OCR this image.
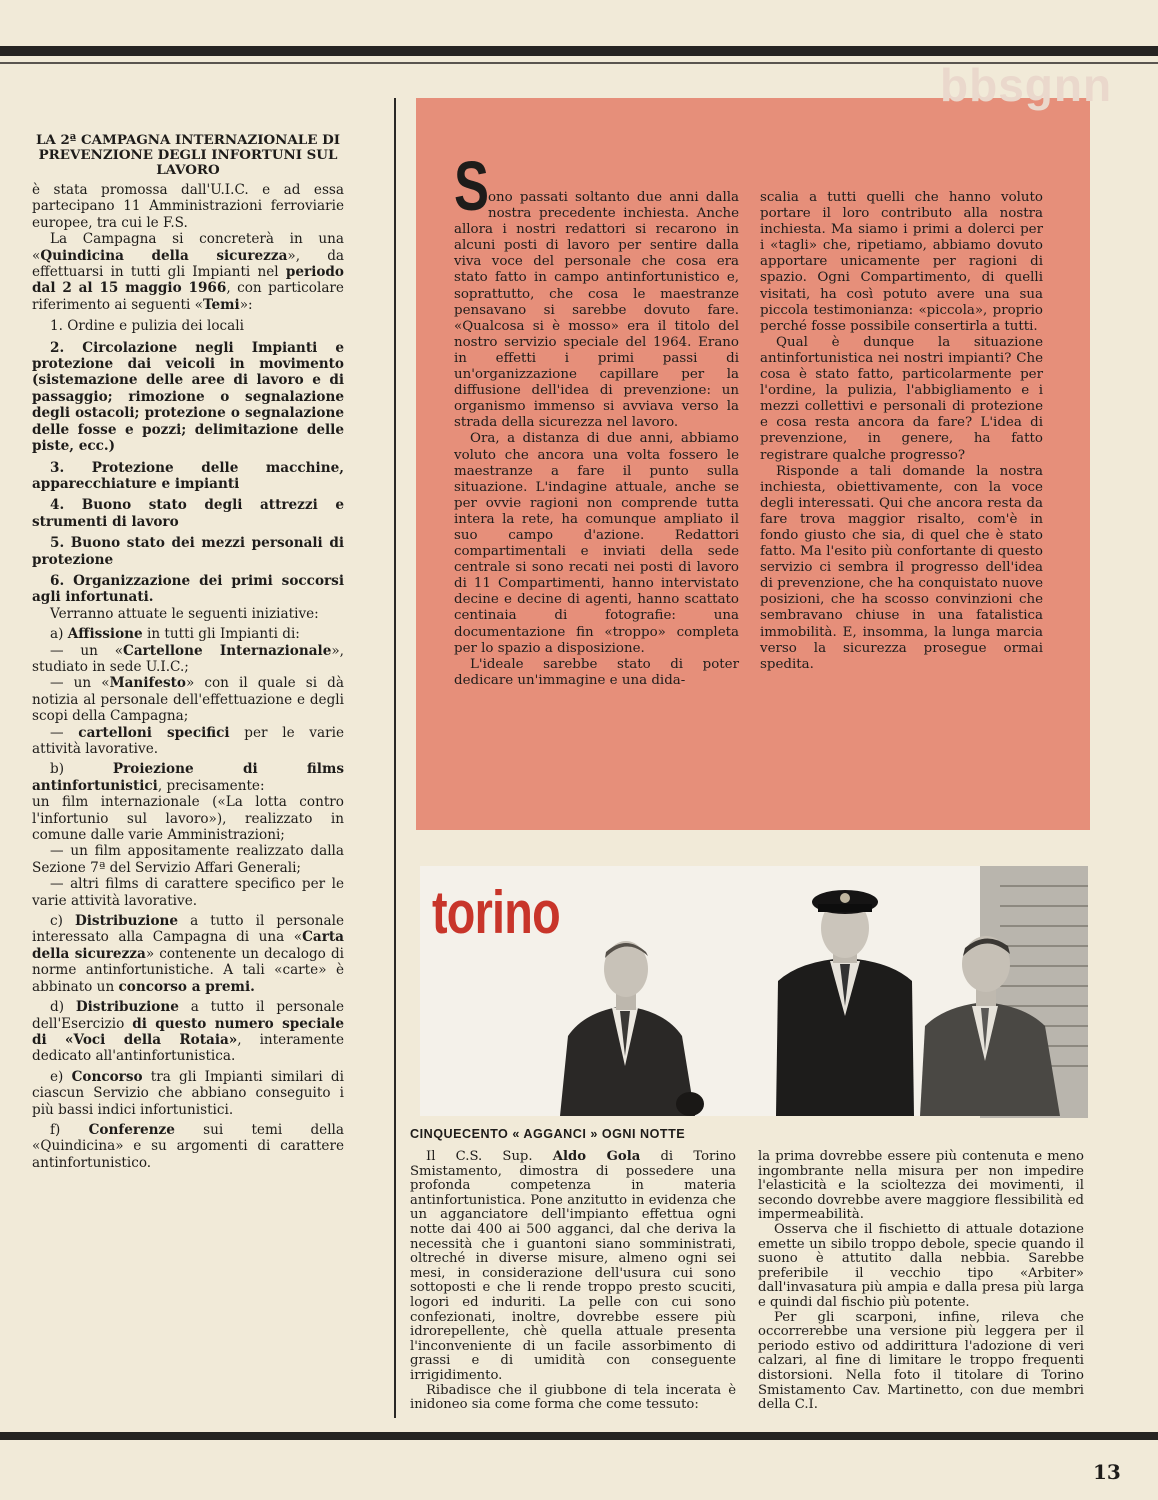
LA 2ª CAMPAGNA INTERNAZIONALE DI PREVENZIONE DEGLI INFORTUNI SUL LAVORO

è stata promossa dall'U.I.C. e ad essa partecipano 11 Amministrazioni ferroviarie europee, tra cui le F.S.

La Campagna si concreterà in una «Quindicina della sicurezza», da effettuarsi in tutti gli Impianti nel periodo dal 2 al 15 maggio 1966, con particolare riferimento ai seguenti «Temi»:

1. Ordine e pulizia dei locali

2. Circolazione negli Impianti e protezione dai veicoli in movimento (sistemazione delle aree di lavoro e di passaggio; rimozione o segnalazione degli ostacoli; protezione o segnalazione delle fosse e pozzi; delimitazione delle piste, ecc.)

3. Protezione delle macchine, apparecchiature e impianti

4. Buono stato degli attrezzi e strumenti di lavoro

5. Buono stato dei mezzi personali di protezione

6. Organizzazione dei primi soccorsi agli infortunati.

Verranno attuate le seguenti iniziative:

a) Affissione in tutti gli Impianti di:

— un «Cartellone Internazionale», studiato in sede U.I.C.;

— un «Manifesto» con il quale si dà notizia al personale dell'effettuazione e degli scopi della Campagna;

— cartelloni specifici per le varie attività lavorative.

b) Proiezione di films antinfortunistici, precisamente:

un film internazionale («La lotta contro l'infortunio sul lavoro»), realizzato in comune dalle varie Amministrazioni;

— un film appositamente realizzato dalla Sezione 7ª del Servizio Affari Generali;

— altri films di carattere specifico per le varie attività lavorative.

c) Distribuzione a tutto il personale interessato alla Campagna di una «Carta della sicurezza» contenente un decalogo di norme antinfortunistiche. A tali «carte» è abbinato un concorso a premi.

d) Distribuzione a tutto il personale dell'Esercizio di questo numero speciale di «Voci della Rotaia», interamente dedicato all'antinfortunistica.

e) Concorso tra gli Impianti similari di ciascun Servizio che abbiano conseguito i più bassi indici infortunistici.

f) Conferenze sui temi della «Quindicina» e su argomenti di carattere antinfortunistico.

bbsgnn

S
ono passati soltanto due anni dalla nostra precedente inchiesta. Anche allora i nostri redattori si recarono in alcuni posti di lavoro per sentire dalla viva voce del personale che cosa era stato fatto in campo antinfortunistico e, soprattutto, che cosa le maestranze pensavano si sarebbe dovuto fare. «Qualcosa si è mosso» era il titolo del nostro servizio speciale del 1964. Erano in effetti i primi passi di un'organizzazione capillare per la diffusione dell'idea di prevenzione: un organismo immenso si avviava verso la strada della sicurezza nel lavoro.

Ora, a distanza di due anni, abbiamo voluto che ancora una volta fossero le maestranze a fare il punto sulla situazione. L'indagine attuale, anche se per ovvie ragioni non comprende tutta intera la rete, ha comunque ampliato il suo campo d'azione. Redattori compartimentali e inviati della sede centrale si sono recati nei posti di lavoro di 11 Compartimenti, hanno intervistato decine e decine di agenti, hanno scattato centinaia di fotografie: una documentazione fin «troppo» completa per lo spazio a disposizione.

L'ideale sarebbe stato di poter dedicare un'immagine e una dida-

scalia a tutti quelli che hanno voluto portare il loro contributo alla nostra inchiesta. Ma siamo i primi a dolerci per i «tagli» che, ripetiamo, abbiamo dovuto apportare unicamente per ragioni di spazio. Ogni Compartimento, di quelli visitati, ha così potuto avere una sua piccola testimonianza: «piccola», proprio perché fosse possibile consertirla a tutti.

Qual è dunque la situazione antinfortunistica nei nostri impianti? Che cosa è stato fatto, particolarmente per l'ordine, la pulizia, l'abbigliamento e i mezzi collettivi e personali di protezione e cosa resta ancora da fare? L'idea di prevenzione, in genere, ha fatto registrare qualche progresso?

Risponde a tali domande la nostra inchiesta, obiettivamente, con la voce degli interessati. Qui che ancora resta da fare trova maggior risalto, com'è in fondo giusto che sia, di quel che è stato fatto. Ma l'esito più confortante di questo servizio ci sembra il progresso dell'idea di prevenzione, che ha conquistato nuove posizioni, che ha scosso convinzioni che sembravano chiuse in una fatalistica immobilità. E, insomma, la lunga marcia verso la sicurezza prosegue ormai spedita.

torino
CINQUECENTO « AGGANCI » OGNI NOTTE

Il C.S. Sup. Aldo Gola di Torino Smistamento, dimostra di possedere una profonda competenza in materia antinfortunistica. Pone anzitutto in evidenza che un agganciatore dell'impianto effettua ogni notte dai 400 ai 500 agganci, dal che deriva la necessità che i guantoni siano somministrati, oltreché in diverse misure, almeno ogni sei mesi, in considerazione dell'usura cui sono sottoposti e che li rende troppo presto scuciti, logori ed induriti. La pelle con cui sono confezionati, inoltre, dovrebbe essere più idrorepellente, chè quella attuale presenta l'inconveniente di un facile assorbimento di grassi e di umidità con conseguente irrigidimento.

Ribadisce che il giubbone di tela incerata è inidoneo sia come forma che come tessuto:

la prima dovrebbe essere più contenuta e meno ingombrante nella misura per non impedire l'elasticità e la scioltezza dei movimenti, il secondo dovrebbe avere maggiore flessibilità ed impermeabilità.

Osserva che il fischietto di attuale dotazione emette un sibilo troppo debole, specie quando il suono è attutito dalla nebbia. Sarebbe preferibile il vecchio tipo «Arbiter» dall'invasatura più ampia e dalla presa più larga e quindi dal fischio più potente.

Per gli scarponi, infine, rileva che occorrerebbe una versione più leggera per il periodo estivo od addirittura l'adozione di veri calzari, al fine di limitare le troppo frequenti distorsioni. Nella foto il titolare di Torino Smistamento Cav. Martinetto, con due membri della C.I.

13
